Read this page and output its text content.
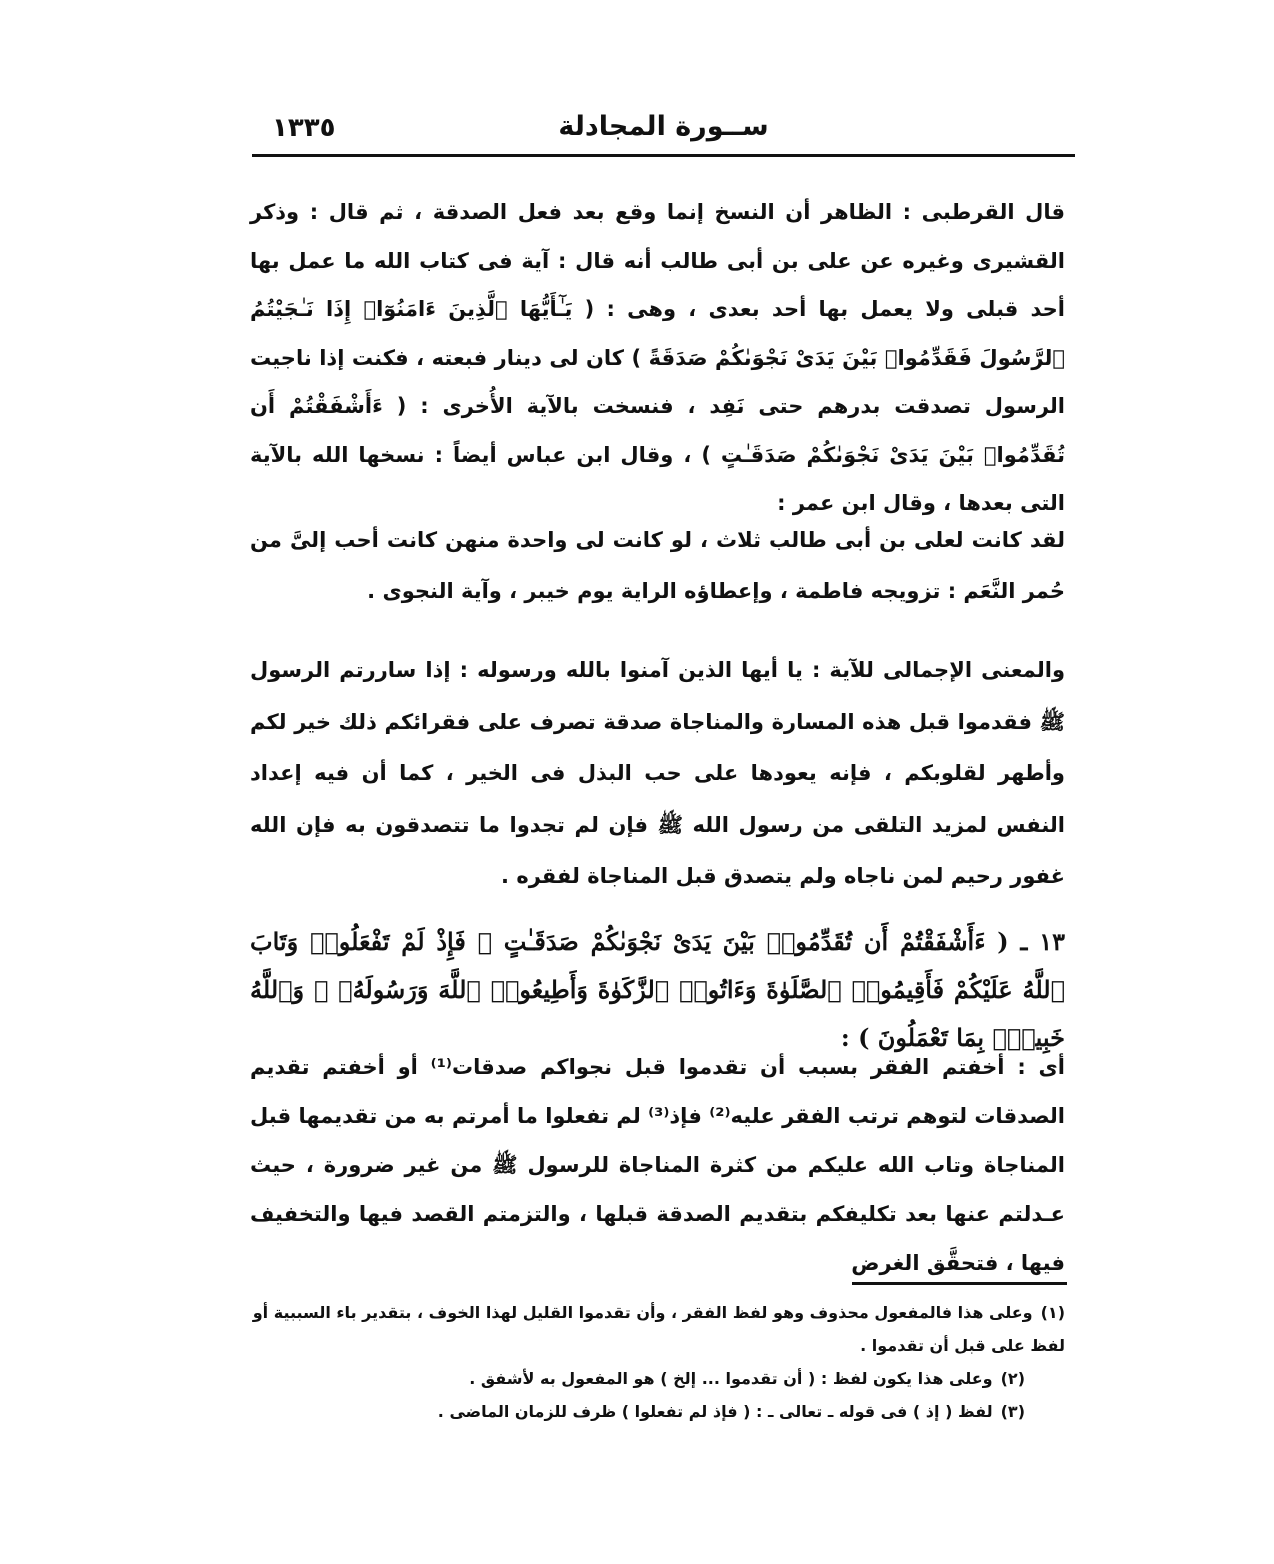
ســورة المجادلة
١٣٣٥
قال القرطبى : الظاهر أن النسخ إنما وقع بعد فعل الصدقة ، ثم قال : وذكر القشيرى وغيره عن على بن أبى طالب أنه قال : آية فى كتاب الله ما عمل بها أحد قبلى ولا يعمل بها أحد بعدى ، وهى : ( يَـٰٓأَيُّهَا ٱلَّذِينَ ءَامَنُوٓا۟ إِذَا نَـٰجَيْتُمُ ٱلرَّسُولَ فَقَدِّمُوا۟ بَيْنَ يَدَىْ نَجْوَىٰكُمْ صَدَقَةً ) كان لى دينار فبعته ، فكنت إذا ناجيت الرسول تصدقت بدرهم حتى نَفِد ، فنسخت بالآية الأُخرى : ( ءَأَشْفَقْتُمْ أَن تُقَدِّمُوا۟ بَيْنَ يَدَىْ نَجْوَىٰكُمْ صَدَقَـٰتٍ ) ، وقال ابن عباس أيضاً : نسخها الله بالآية التى بعدها ، وقال ابن عمر :
لقد كانت لعلى بن أبى طالب ثلاث ، لو كانت لى واحدة منهن كانت أحب إلىَّ من حُمر النَّعَم : تزويجه فاطمة ، وإعطاؤه الراية يوم خيبر ، وآية النجوى .
والمعنى الإجمالى للآية : يا أيها الذين آمنوا بالله ورسوله : إذا ساررتم الرسول ﷺ فقدموا قبل هذه المسارة والمناجاة صدقة تصرف على فقرائكم ذلك خير لكم وأطهر لقلوبكم ، فإنه يعودها على حب البذل فى الخير ، كما أن فيه إعداد النفس لمزيد التلقى من رسول الله ﷺ فإن لم تجدوا ما تتصدقون به فإن الله غفور رحيم لمن ناجاه ولم يتصدق قبل المناجاة لفقره .
١٣ ـ ( ءَأَشْفَقْتُمْ أَن تُقَدِّمُوا۟ بَيْنَ يَدَىْ نَجْوَىٰكُمْ صَدَقَـٰتٍ ۚ فَإِذْ لَمْ تَفْعَلُوا۟ وَتَابَ ٱللَّهُ عَلَيْكُمْ فَأَقِيمُوا۟ ٱلصَّلَوٰةَ وَءَاتُوا۟ ٱلزَّكَوٰةَ وَأَطِيعُوا۟ ٱللَّهَ وَرَسُولَهُۥ ۚ وَٱللَّهُ خَبِيرٌۢ بِمَا تَعْمَلُونَ ) :
أى : أخفتم الفقر بسبب أن تقدموا قبل نجواكم صدقات⁽¹⁾ أو أخفتم تقديم الصدقات لتوهم ترتب الفقر عليه⁽²⁾ فإذ⁽³⁾ لم تفعلوا ما أمرتم به من تقديمها قبل المناجاة وتاب الله عليكم من كثرة المناجاة للرسول ﷺ من غير ضرورة ، حيث عـدلتم عنها بعد تكليفكم بتقديم الصدقة قبلها ، والتزمتم القصد فيها والتخفيف فيها ، فتحقَّق الغرض
(١)وعلى هذا فالمفعول محذوف وهو لفظ الفقر ، وأن تقدموا القليل لهذا الخوف ، بتقدير باء السببية أو لفظ على قبل أن تقدموا .
(٢)وعلى هذا يكون لفظ : ( أن تقدموا ... إلخ ) هو المفعول به لأشفق .
(٣)لفظ ( إذ ) فى قوله ـ تعالى ـ : ( فإذ لم تفعلوا ) ظرف للزمان الماضى .
